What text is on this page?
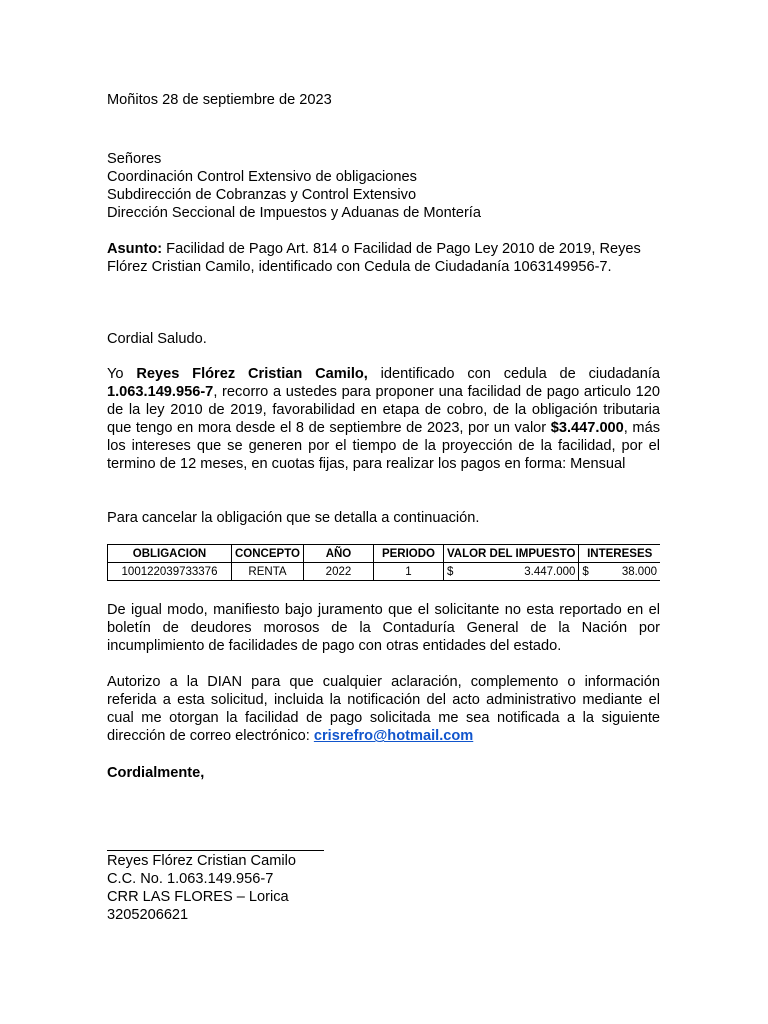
Moñitos 28 de septiembre de 2023
Señores
Coordinación Control Extensivo de obligaciones
Subdirección de Cobranzas y Control Extensivo
Dirección Seccional de Impuestos y Aduanas de Montería
Asunto: Facilidad de Pago Art. 814 o Facilidad de Pago Ley 2010 de 2019, Reyes Flórez Cristian Camilo, identificado con Cedula de Ciudadanía 1063149956-7.
Cordial Saludo.
Yo Reyes Flórez Cristian Camilo, identificado con cedula de ciudadanía 1.063.149.956-7, recorro a ustedes para proponer una facilidad de pago articulo 120 de la ley 2010 de 2019, favorabilidad en etapa de cobro, de la obligación tributaria que tengo en mora desde el 8 de septiembre de 2023, por un valor $3.447.000, más los intereses que se generen por el tiempo de la proyección de la facilidad, por el termino de 12 meses, en cuotas fijas, para realizar los pagos en forma: Mensual
Para cancelar la obligación que se detalla a continuación.
OBLIGACION	CONCEPTO	AÑO	PERIODO	VALOR DEL IMPUESTO	INTERESES
100122039733376	RENTA	2022	1	$ 3.447.000	$ 38.000
De igual modo, manifiesto bajo juramento que el solicitante no esta reportado en el boletín de deudores morosos de la Contaduría General de la Nación por incumplimiento de facilidades de pago con otras entidades del estado.
Autorizo a la DIAN para que cualquier aclaración, complemento o información referida a esta solicitud, incluida la notificación del acto administrativo mediante el cual me otorgan la facilidad de pago solicitada me sea notificada a la siguiente dirección de correo electrónico: crisrefro@hotmail.com
Cordialmente,
Reyes Flórez Cristian Camilo
C.C. No. 1.063.149.956-7
CRR LAS FLORES – Lorica
3205206621
